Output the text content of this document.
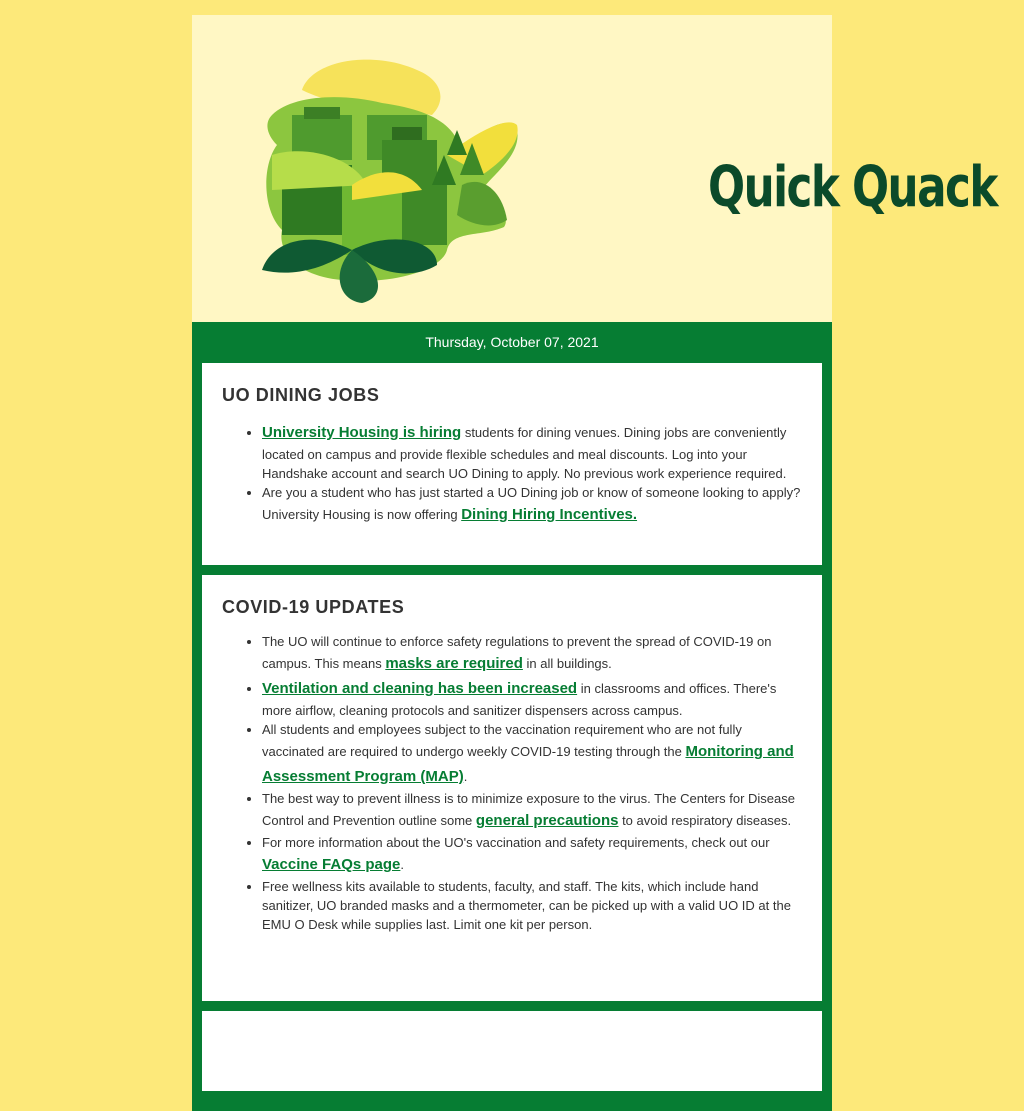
Quick Quack
Thursday, October 07, 2021
UO DINING JOBS
• University Housing is hiring students for dining venues. Dining jobs are conveniently located on campus and provide flexible schedules and meal discounts. Log into your Handshake account and search UO Dining to apply. No previous work experience required.
• Are you a student who has just started a UO Dining job or know of someone looking to apply? University Housing is now offering Dining Hiring Incentives.
COVID-19 UPDATES
• The UO will continue to enforce safety regulations to prevent the spread of COVID-19 on campus. This means masks are required in all buildings.
• Ventilation and cleaning has been increased in classrooms and offices. There's more airflow, cleaning protocols and sanitizer dispensers across campus.
• All students and employees subject to the vaccination requirement who are not fully vaccinated are required to undergo weekly COVID-19 testing through the Monitoring and Assessment Program (MAP).
• The best way to prevent illness is to minimize exposure to the virus. The Centers for Disease Control and Prevention outline some general precautions to avoid respiratory diseases.
• For more information about the UO's vaccination and safety requirements, check out our Vaccine FAQs page.
• Free wellness kits available to students, faculty, and staff. The kits, which include hand sanitizer, UO branded masks and a thermometer, can be picked up with a valid UO ID at the EMU O Desk while supplies last. Limit one kit per person.
